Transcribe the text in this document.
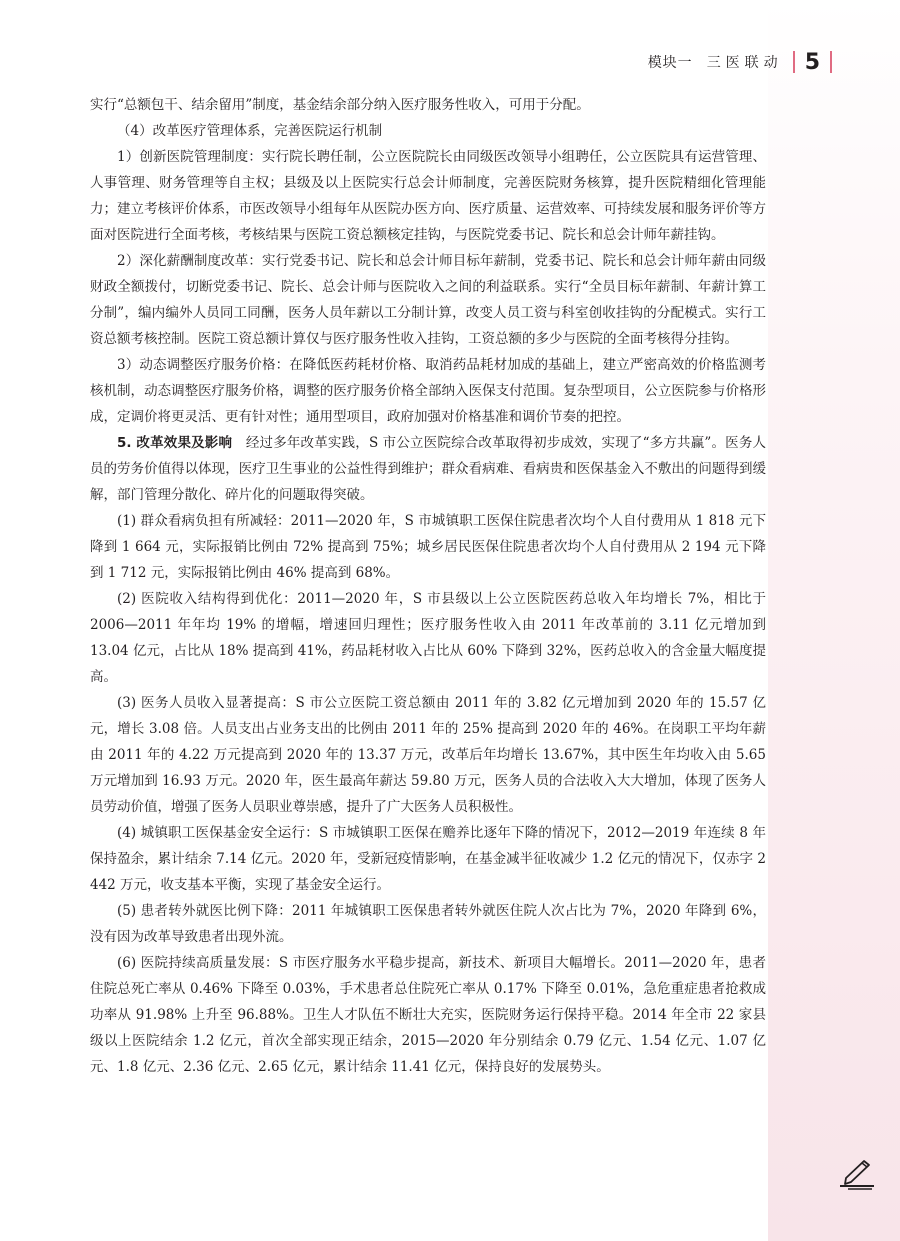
模块一 三医联动 5

实行“总额包干、结余留用”制度，基金结余部分纳入医疗服务性收入，可用于分配。

（4）改革医疗管理体系，完善医院运行机制

1）创新医院管理制度：实行院长聘任制，公立医院院长由同级医改领导小组聘任，公立医院具有运营管理、人事管理、财务管理等自主权；县级及以上医院实行总会计师制度，完善医院财务核算，提升医院精细化管理能力；建立考核评价体系，市医改领导小组每年从医院办医方向、医疗质量、运营效率、可持续发展和服务评价等方面对医院进行全面考核，考核结果与医院工资总额核定挂钩，与医院党委书记、院长和总会计师年薪挂钩。

2）深化薪酬制度改革：实行党委书记、院长和总会计师目标年薪制，党委书记、院长和总会计师年薪由同级财政全额拨付，切断党委书记、院长、总会计师与医院收入之间的利益联系。实行“全员目标年薪制、年薪计算工分制”，编内编外人员同工同酬，医务人员年薪以工分制计算，改变人员工资与科室创收挂钩的分配模式。实行工资总额考核控制。医院工资总额计算仅与医疗服务性收入挂钩，工资总额的多少与医院的全面考核得分挂钩。

3）动态调整医疗服务价格：在降低医药耗材价格、取消药品耗材加成的基础上，建立严密高效的价格监测考核机制，动态调整医疗服务价格，调整的医疗服务价格全部纳入医保支付范围。复杂型项目，公立医院参与价格形成，定调价将更灵活、更有针对性；通用型项目，政府加强对价格基准和调价节奏的把控。

5. 改革效果及影响　 经过多年改革实践，S 市公立医院综合改革取得初步成效，实现了“多方共赢”。医务人员的劳务价值得以体现，医疗卫生事业的公益性得到维护；群众看病难、看病贵和医保基金入不敷出的问题得到缓解，部门管理分散化、碎片化的问题取得突破。

(1) 群众看病负担有所减轻：2011—2020 年，S 市城镇职工医保住院患者次均个人自付费用从 1 818 元下降到 1 664 元，实际报销比例由 72% 提高到 75%；城乡居民医保住院患者次均个人自付费用从 2 194 元下降到 1 712 元，实际报销比例由 46% 提高到 68%。

(2) 医院收入结构得到优化：2011—2020 年，S 市县级以上公立医院医药总收入年均增长 7%，相比于 2006—2011 年年均 19% 的增幅，增速回归理性；医疗服务性收入由 2011 年改革前的 3.11 亿元增加到 13.04 亿元，占比从 18% 提高到 41%，药品耗材收入占比从 60% 下降到 32%，医药总收入的含金量大幅度提高。

(3) 医务人员收入显著提高：S 市公立医院工资总额由 2011 年的 3.82 亿元增加到 2020 年的 15.57 亿元，增长 3.08 倍。人员支出占业务支出的比例由 2011 年的 25% 提高到 2020 年的 46%。在岗职工平均年薪由 2011 年的 4.22 万元提高到 2020 年的 13.37 万元，改革后年均增长 13.67%，其中医生年均收入由 5.65 万元增加到 16.93 万元。2020 年，医生最高年薪达 59.80 万元，医务人员的合法收入大大增加，体现了医务人员劳动价值，增强了医务人员职业尊崇感，提升了广大医务人员积极性。

(4) 城镇职工医保基金安全运行：S 市城镇职工医保在赡养比逐年下降的情况下，2012—2019 年连续 8 年保持盈余，累计结余 7.14 亿元。2020 年，受新冠疫情影响，在基金减半征收减少 1.2 亿元的情况下，仅赤字 2 442 万元，收支基本平衡，实现了基金安全运行。

(5) 患者转外就医比例下降：2011 年城镇职工医保患者转外就医住院人次占比为 7%，2020 年降到 6%，没有因为改革导致患者出现外流。

(6) 医院持续高质量发展：S 市医疗服务水平稳步提高，新技术、新项目大幅增长。2011—2020 年，患者住院总死亡率从 0.46% 下降至 0.03%，手术患者总住院死亡率从 0.17% 下降至 0.01%，急危重症患者抢救成功率从 91.98% 上升至 96.88%。卫生人才队伍不断壮大充实，医院财务运行保持平稳。2014 年全市 22 家县级以上医院结余 1.2 亿元，首次全部实现正结余，2015—2020 年分别结余 0.79 亿元、1.54 亿元、1.07 亿元、1.8 亿元、2.36 亿元、2.65 亿元，累计结余 11.41 亿元，保持良好的发展势头。
